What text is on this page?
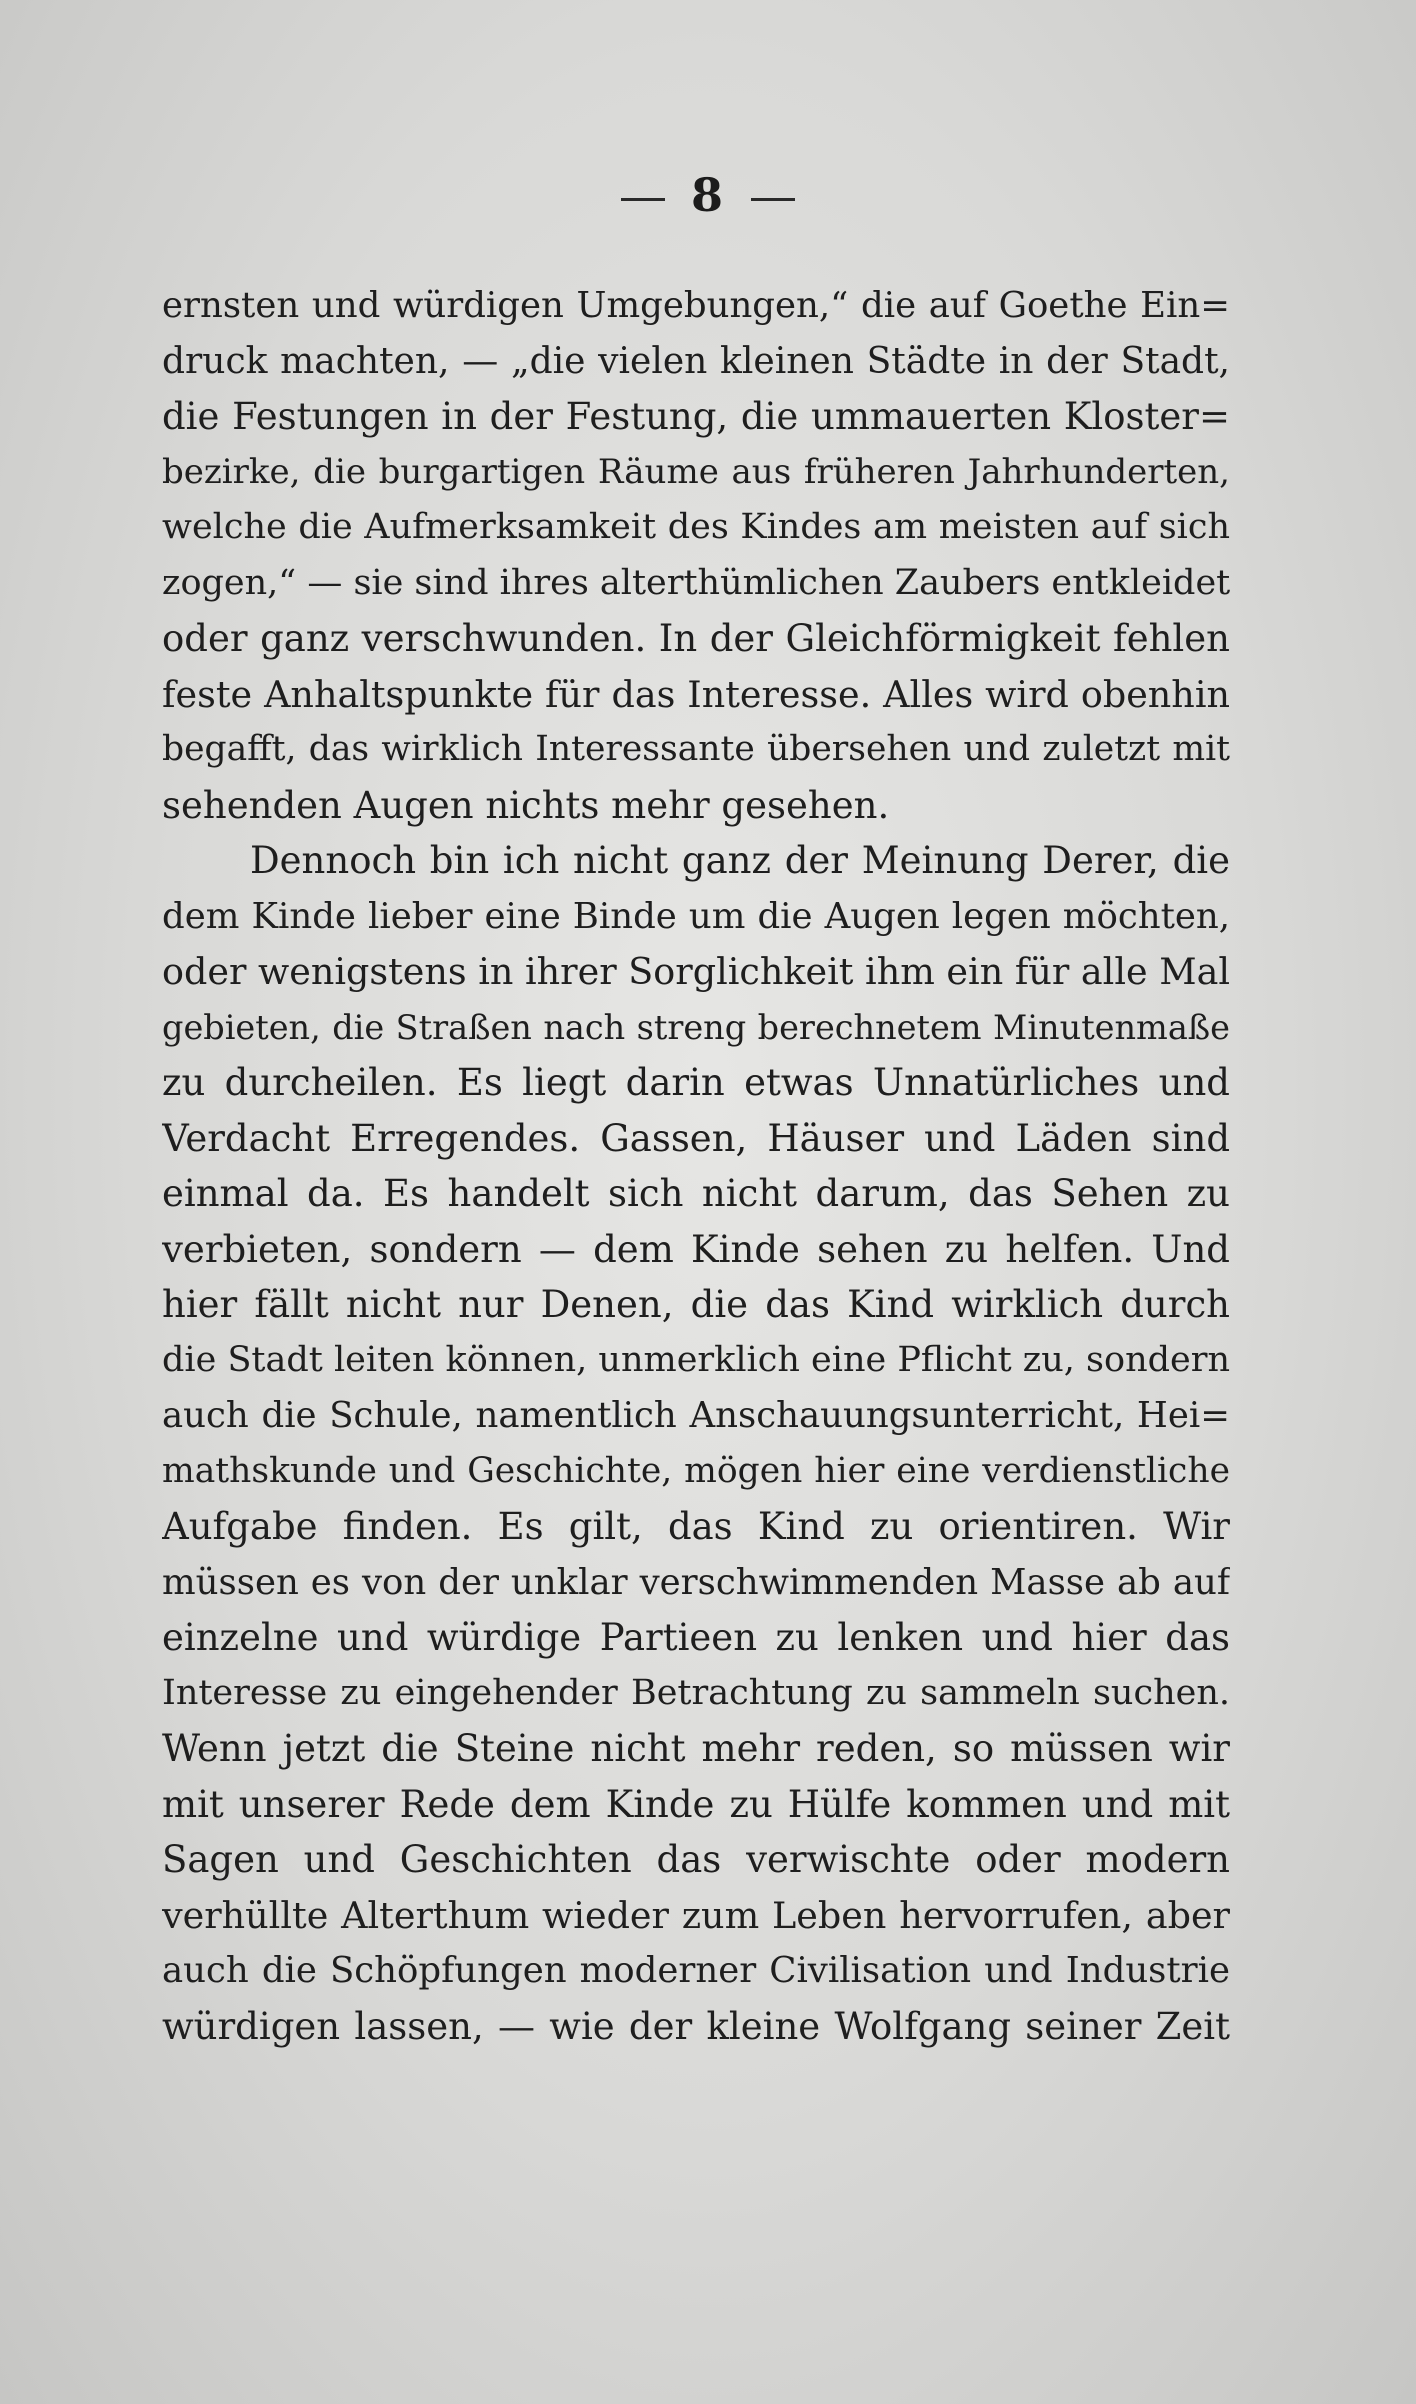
8
ernsten und würdigen Umgebungen,“ die auf Goethe Ein=
druck machten, — „die vielen kleinen Städte in der Stadt,
die Festungen in der Festung, die ummauerten Kloster=
bezirke, die burgartigen Räume aus früheren Jahrhunderten,
welche die Aufmerksamkeit des Kindes am meisten auf sich
zogen,“ — sie sind ihres alterthümlichen Zaubers entkleidet
oder ganz verschwunden. In der Gleichförmigkeit fehlen
feste Anhaltspunkte für das Interesse. Alles wird obenhin
begafft, das wirklich Interessante übersehen und zuletzt mit
sehenden Augen nichts mehr gesehen.
Dennoch bin ich nicht ganz der Meinung Derer, die
dem Kinde lieber eine Binde um die Augen legen möchten,
oder wenigstens in ihrer Sorglichkeit ihm ein für alle Mal
gebieten, die Straßen nach streng berechnetem Minutenmaße
zu durcheilen. Es liegt darin etwas Unnatürliches und
Verdacht Erregendes. Gassen, Häuser und Läden sind
einmal da. Es handelt sich nicht darum, das Sehen zu
verbieten, sondern — dem Kinde sehen zu helfen. Und
hier fällt nicht nur Denen, die das Kind wirklich durch
die Stadt leiten können, unmerklich eine Pflicht zu, sondern
auch die Schule, namentlich Anschauungsunterricht, Hei=
mathskunde und Geschichte, mögen hier eine verdienstliche
Aufgabe finden. Es gilt, das Kind zu orientiren. Wir
müssen es von der unklar verschwimmenden Masse ab auf
einzelne und würdige Partieen zu lenken und hier das
Interesse zu eingehender Betrachtung zu sammeln suchen.
Wenn jetzt die Steine nicht mehr reden, so müssen wir
mit unserer Rede dem Kinde zu Hülfe kommen und mit
Sagen und Geschichten das verwischte oder modern
verhüllte Alterthum wieder zum Leben hervorrufen, aber
auch die Schöpfungen moderner Civilisation und Industrie
würdigen lassen, — wie der kleine Wolfgang seiner Zeit
